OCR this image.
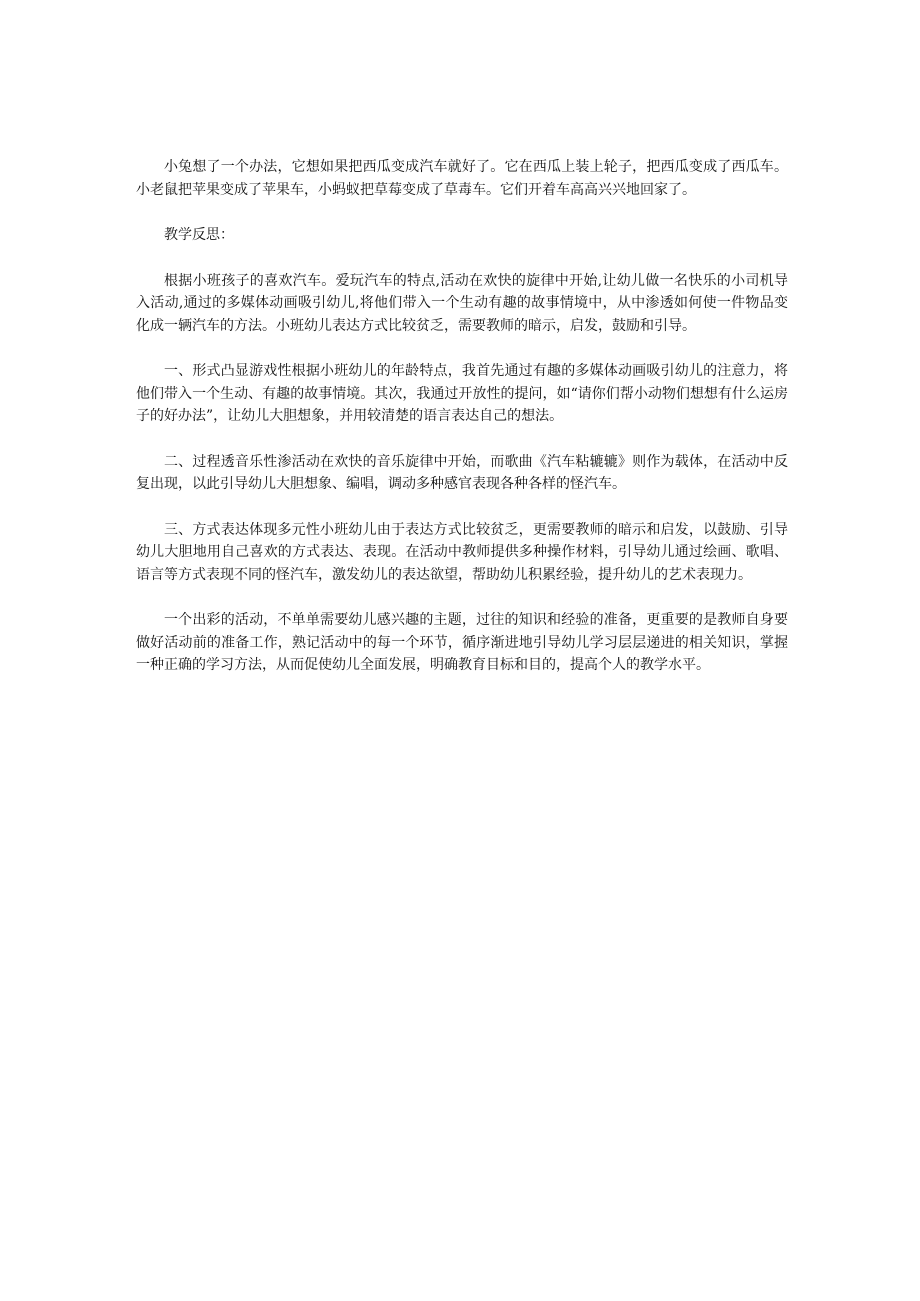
小兔想了一个办法，它想如果把西瓜变成汽车就好了。它在西瓜上装上轮子，把西瓜变成了西瓜车。小老鼠把苹果变成了苹果车，小蚂蚁把草莓变成了草毒车。它们开着车高高兴兴地回家了。

教学反思：

根据小班孩子的喜欢汽车。爱玩汽车的特点,活动在欢快的旋律中开始,让幼儿做一名快乐的小司机导入活动,通过的多媒体动画吸引幼儿,将他们带入一个生动有趣的故事情境中，从中渗透如何使一件物品变化成一辆汽车的方法。小班幼儿表达方式比较贫乏，需要教师的暗示，启发，鼓励和引导。

一、形式凸显游戏性根据小班幼儿的年龄特点，我首先通过有趣的多媒体动画吸引幼儿的注意力，将他们带入一个生动、有趣的故事情境。其次，我通过开放性的提问，如“请你们帮小动物们想想有什么运房子的好办法”，让幼儿大胆想象，并用较清楚的语言表达自己的想法。

二、过程透音乐性渗活动在欢快的音乐旋律中开始，而歌曲《汽车粘辘辘》则作为载体，在活动中反复出现，以此引导幼儿大胆想象、编唱，调动多种感官表现各种各样的怪汽车。

三、方式表达体现多元性小班幼儿由于表达方式比较贫乏，更需要教师的暗示和启发，以鼓励、引导幼儿大胆地用自己喜欢的方式表达、表现。在活动中教师提供多种操作材料，引导幼儿通过绘画、歌唱、语言等方式表现不同的怪汽车，激发幼儿的表达欲望，帮助幼儿积累经验，提升幼儿的艺术表现力。

一个出彩的活动，不单单需要幼儿感兴趣的主题，过往的知识和经验的准备，更重要的是教师自身要做好活动前的准备工作，熟记活动中的每一个环节，循序渐进地引导幼儿学习层层递进的相关知识，掌握一种正确的学习方法，从而促使幼儿全面发展，明确教育目标和目的，提高个人的教学水平。
